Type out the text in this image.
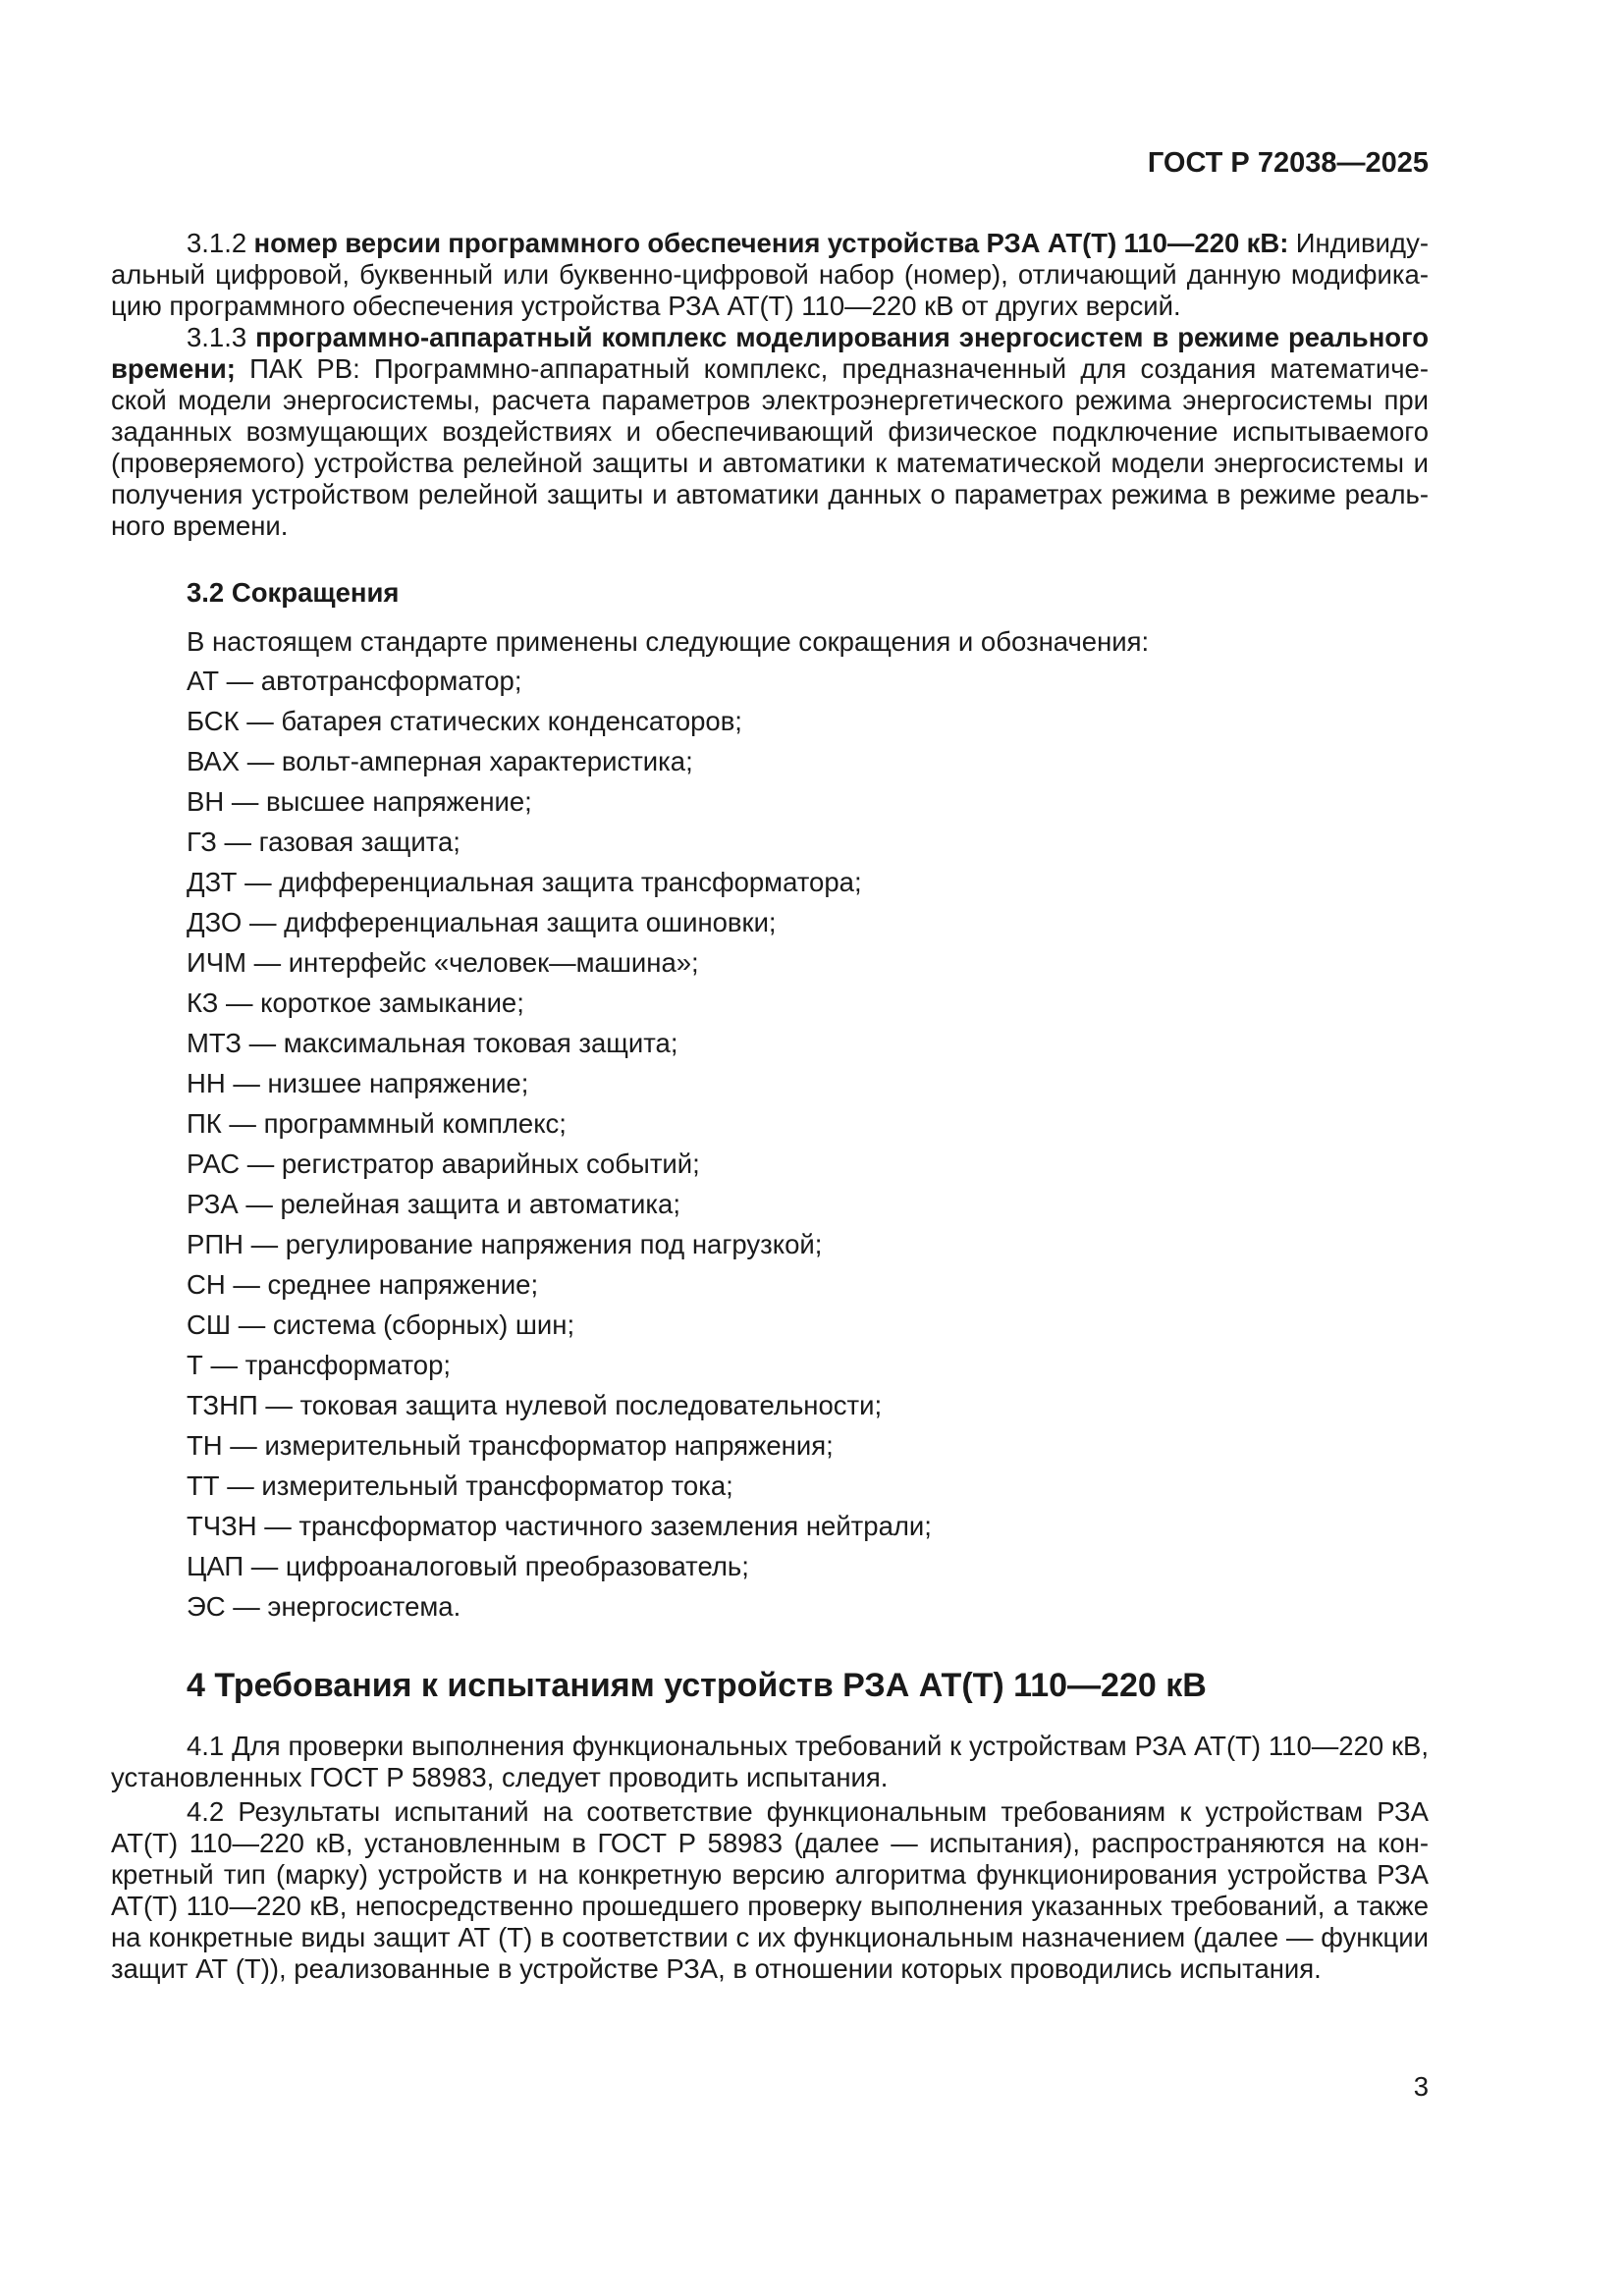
ГОСТ Р 72038—2025
3.1.2 номер версии программного обеспечения устройства РЗА АТ(Т) 110—220 кВ: Индивиду-
альный цифровой, буквенный или буквенно-цифровой набор (номер), отличающий данную модифика-
цию программного обеспечения устройства РЗА АТ(Т) 110—220 кВ от других версий.
3.1.3 программно-аппаратный комплекс моделирования энергосистем в режиме реального
времени; ПАК РВ: Программно-аппаратный комплекс, предназначенный для создания математиче-
ской модели энергосистемы, расчета параметров электроэнергетического режима энергосистемы при
заданных возмущающих воздействиях и обеспечивающий физическое подключение испытываемого
(проверяемого) устройства релейной защиты и автоматики к математической модели энергосистемы и
получения устройством релейной защиты и автоматики данных о параметрах режима в режиме реаль-
ного времени.
3.2 Сокращения
В настоящем стандарте применены следующие сокращения и обозначения:
АТ — автотрансформатор;
БСК — батарея статических конденсаторов;
ВАХ — вольт-амперная характеристика;
ВН — высшее напряжение;
ГЗ — газовая защита;
ДЗТ — дифференциальная защита трансформатора;
ДЗО — дифференциальная защита ошиновки;
ИЧМ — интерфейс «человек—машина»;
КЗ — короткое замыкание;
МТЗ — максимальная токовая защита;
НН — низшее напряжение;
ПК — программный комплекс;
РАС — регистратор аварийных событий;
РЗА — релейная защита и автоматика;
РПН — регулирование напряжения под нагрузкой;
СН — среднее напряжение;
СШ — система (сборных) шин;
Т — трансформатор;
ТЗНП — токовая защита нулевой последовательности;
ТН — измерительный трансформатор напряжения;
ТТ — измерительный трансформатор тока;
ТЧЗН — трансформатор частичного заземления нейтрали;
ЦАП — цифроаналоговый преобразователь;
ЭС — энергосистема.
4 Требования к испытаниям устройств РЗА АТ(Т) 110—220 кВ
4.1 Для проверки выполнения функциональных требований к устройствам РЗА АТ(Т) 110—220 кВ,
установленных ГОСТ Р 58983, следует проводить испытания.
4.2 Результаты испытаний на соответствие функциональным требованиям к устройствам РЗА
АТ(Т) 110—220 кВ, установленным в ГОСТ Р 58983 (далее — испытания), распространяются на кон-
кретный тип (марку) устройств и на конкретную версию алгоритма функционирования устройства РЗА
АТ(Т) 110—220 кВ, непосредственно прошедшего проверку выполнения указанных требований, а также
на конкретные виды защит АТ (Т) в соответствии с их функциональным назначением (далее — функции
защит АТ (Т)), реализованные в устройстве РЗА, в отношении которых проводились испытания.
3
